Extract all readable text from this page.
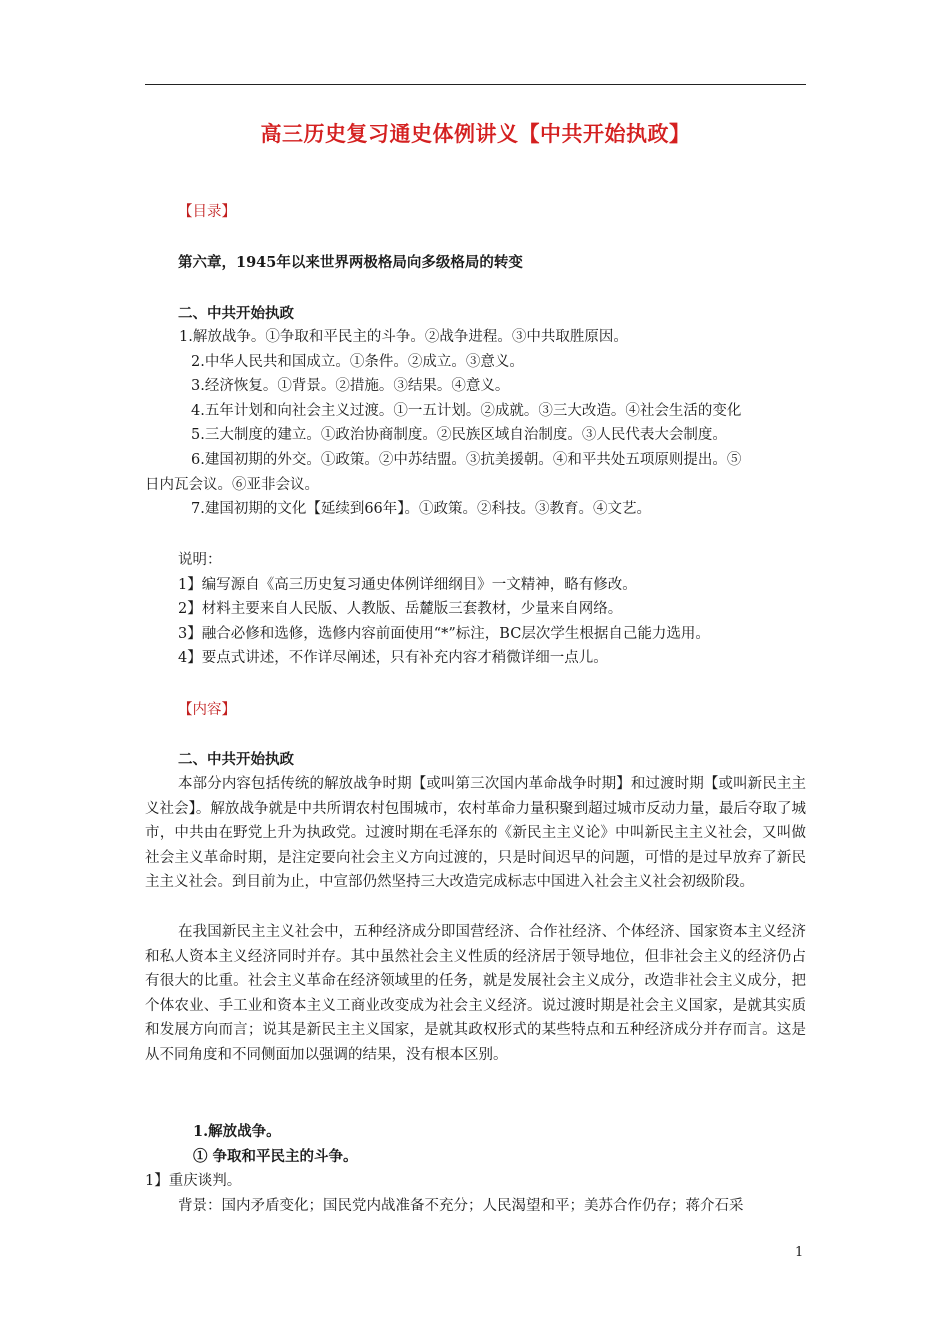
高三历史复习通史体例讲义【中共开始执政】
【目录】
第六章，1945年以来世界两极格局向多级格局的转变
二、中共开始执政
1.解放战争。①争取和平民主的斗争。②战争进程。③中共取胜原因。
2.中华人民共和国成立。①条件。②成立。③意义。
3.经济恢复。①背景。②措施。③结果。④意义。
4.五年计划和向社会主义过渡。①一五计划。②成就。③三大改造。④社会生活的变化
5.三大制度的建立。①政治协商制度。②民族区域自治制度。③人民代表大会制度。
6.建国初期的外交。①政策。②中苏结盟。③抗美援朝。④和平共处五项原则提出。⑤
日内瓦会议。⑥亚非会议。
7.建国初期的文化【延续到66年】。①政策。②科技。③教育。④文艺。
说明：
1】编写源自《高三历史复习通史体例详细纲目》一文精神，略有修改。
2】材料主要来自人民版、人教版、岳麓版三套教材，少量来自网络。
3】融合必修和选修，选修内容前面使用“*”标注，BC层次学生根据自己能力选用。
4】要点式讲述，不作详尽阐述，只有补充内容才稍微详细一点儿。
【内容】
二、中共开始执政
本部分内容包括传统的解放战争时期【或叫第三次国内革命战争时期】和过渡时期【或叫新民主主义社会】。解放战争就是中共所谓农村包围城市，农村革命力量积聚到超过城市反动力量，最后夺取了城市，中共由在野党上升为执政党。过渡时期在毛泽东的《新民主主义论》中叫新民主主义社会，又叫做社会主义革命时期，是注定要向社会主义方向过渡的，只是时间迟早的问题，可惜的是过早放弃了新民主主义社会。到目前为止，中宣部仍然坚持三大改造完成标志中国进入社会主义社会初级阶段。
在我国新民主主义社会中，五种经济成分即国营经济、合作社经济、个体经济、国家资本主义经济和私人资本主义经济同时并存。其中虽然社会主义性质的经济居于领导地位，但非社会主义的经济仍占有很大的比重。社会主义革命在经济领域里的任务，就是发展社会主义成分，改造非社会主义成分，把个体农业、手工业和资本主义工商业改变成为社会主义经济。说过渡时期是社会主义国家，是就其实质和发展方向而言；说其是新民主主义国家，是就其政权形式的某些特点和五种经济成分并存而言。这是从不同角度和不同侧面加以强调的结果，没有根本区别。
1.解放战争。
① 争取和平民主的斗争。
1】重庆谈判。
背景：国内矛盾变化；国民党内战准备不充分；人民渴望和平；美苏合作仍存；蒋介石采
1
